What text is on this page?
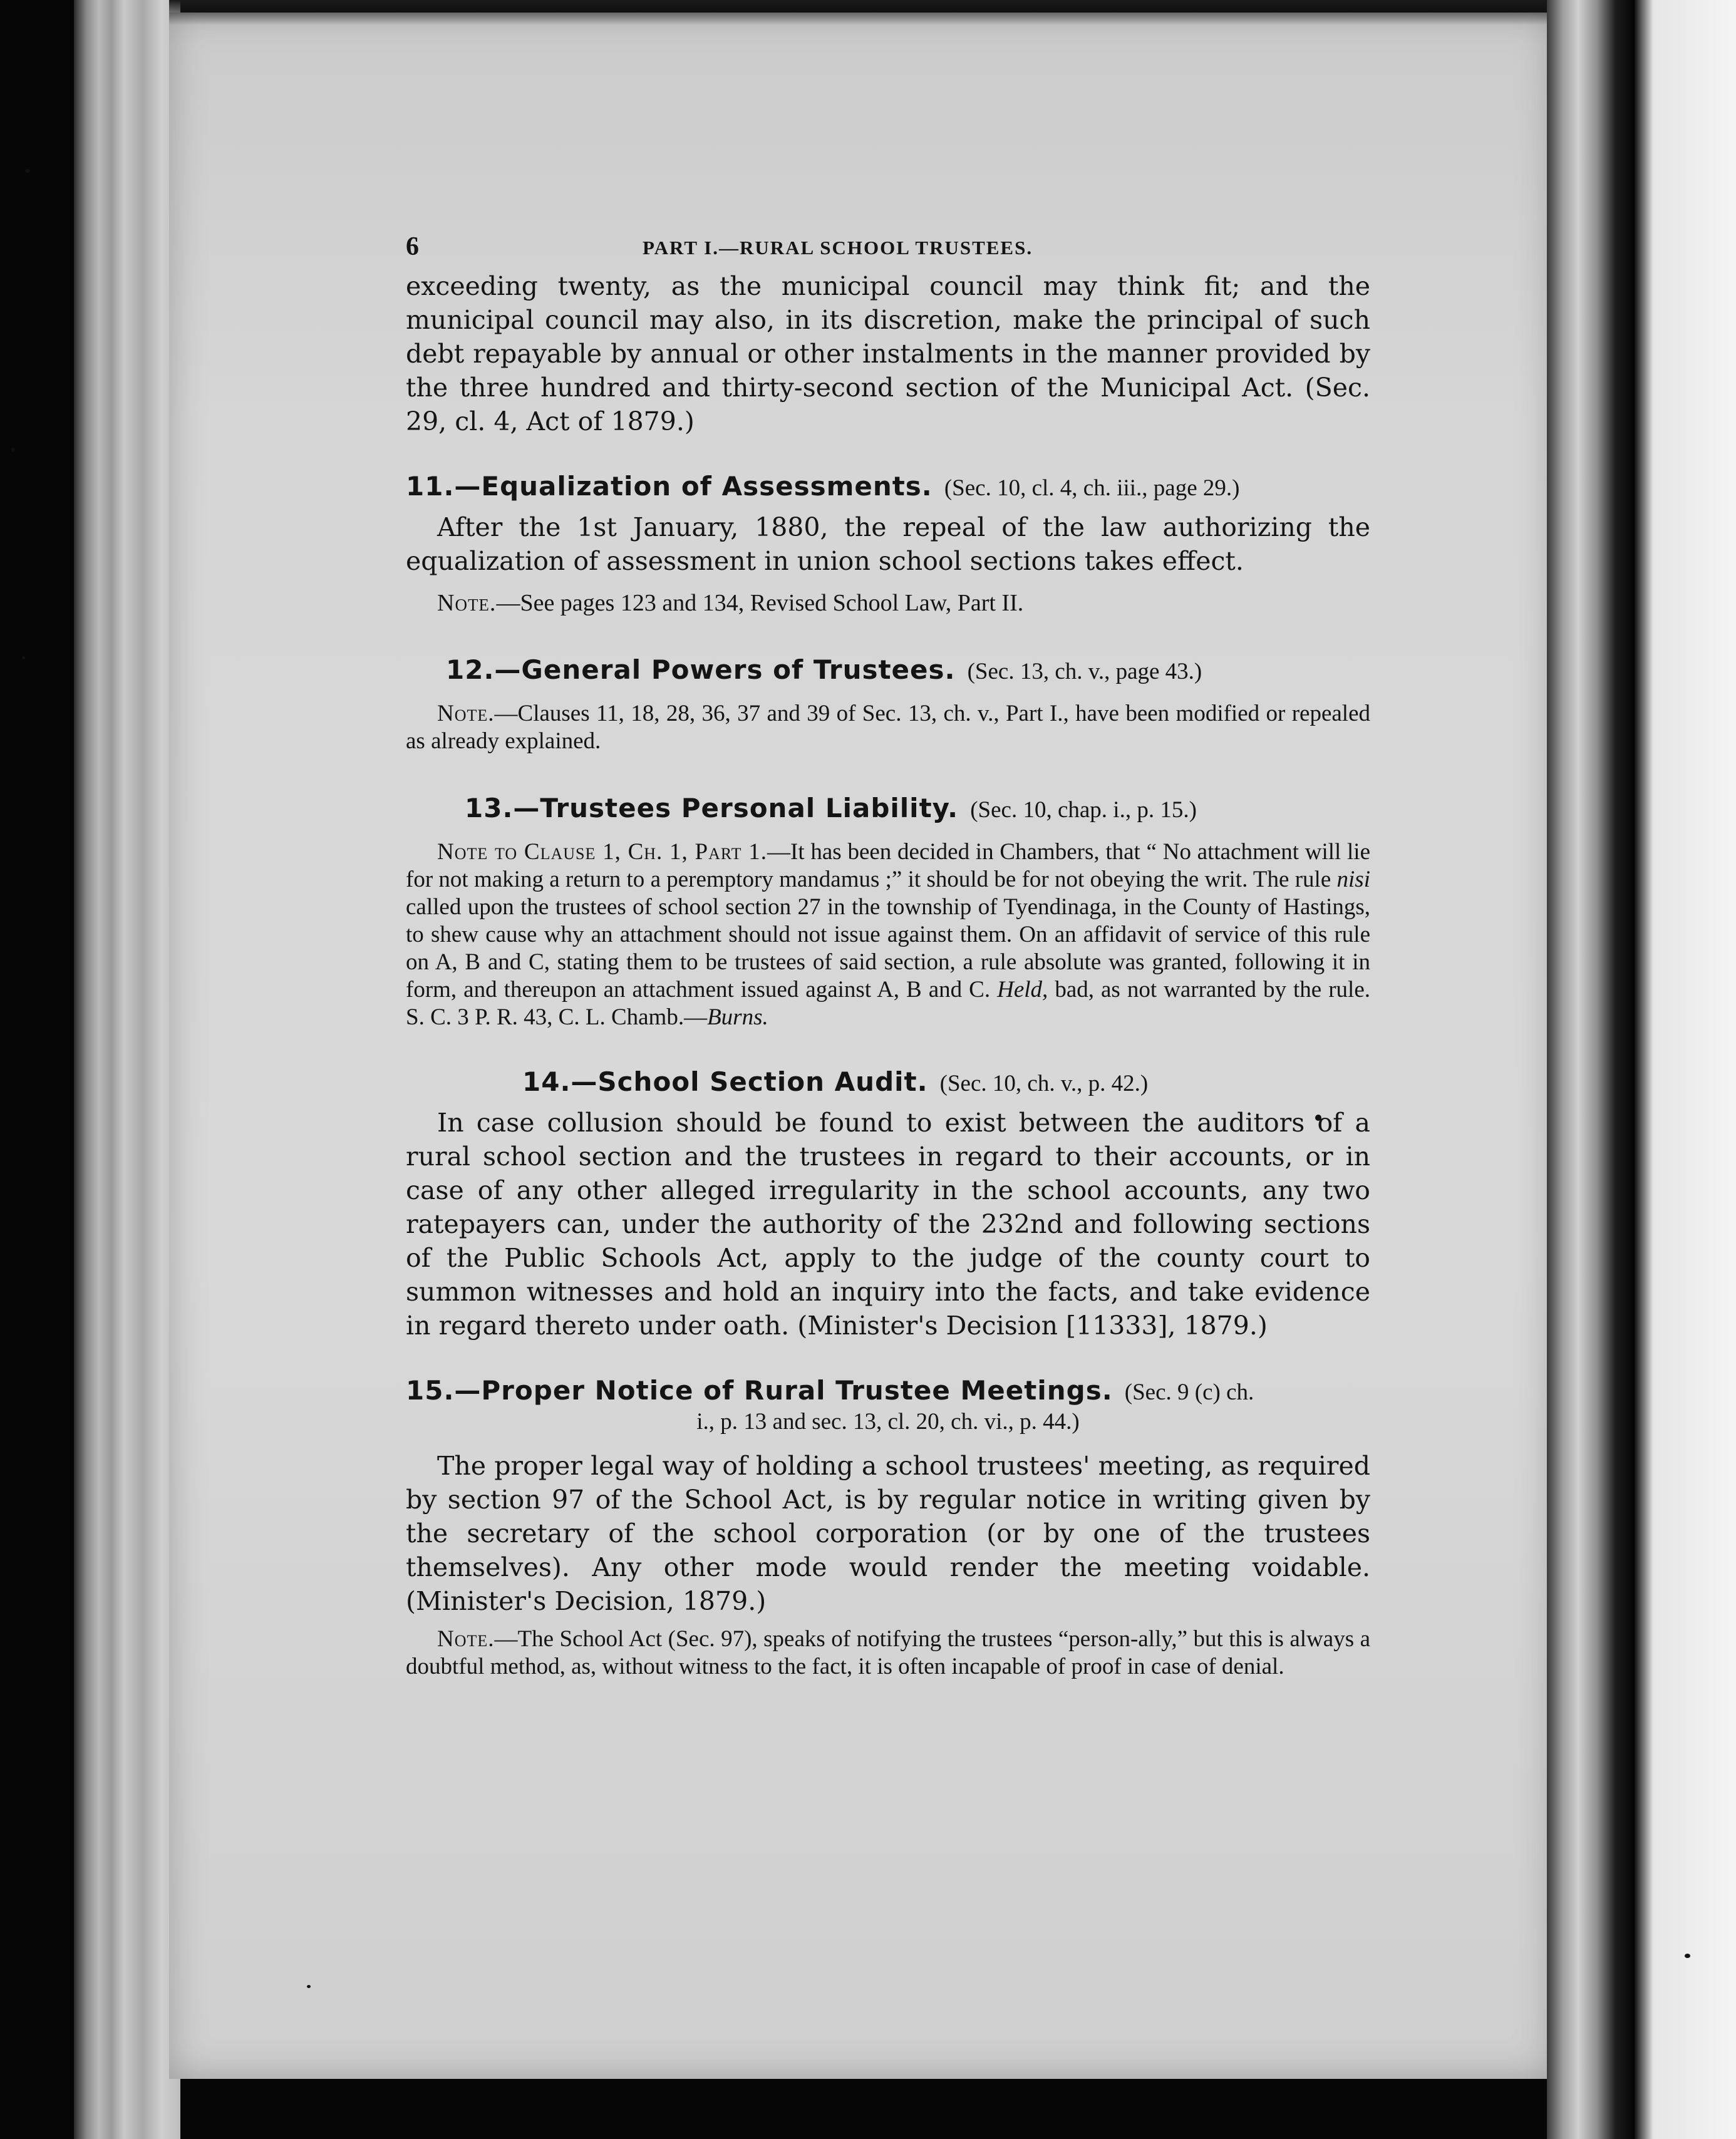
6	PART I.—RURAL SCHOOL TRUSTEES.

exceeding twenty, as the municipal council may think fit; and the municipal council may also, in its discretion, make the principal of such debt repayable by annual or other instalments in the manner provided by the three hundred and thirty-second section of the Municipal Act. (Sec. 29, cl. 4, Act of 1879.)

11.—Equalization of Assessments. (Sec. 10, cl. 4, ch. iii., page 29.)

After the 1st January, 1880, the repeal of the law authorizing the equalization of assessment in union school sections takes effect.

Note.—See pages 123 and 134, Revised School Law, Part II.

12.—General Powers of Trustees. (Sec. 13, ch. v., page 43.)

Note.—Clauses 11, 18, 28, 36, 37 and 39 of Sec. 13, ch. v., Part I., have been modified or repealed as already explained.

13.—Trustees Personal Liability. (Sec. 10, chap. i., p. 15.)

Note to Clause 1, Ch. 1, Part 1.—It has been decided in Chambers, that “ No attachment will lie for not making a return to a peremptory mandamus ;” it should be for not obeying the writ. The rule nisi called upon the trustees of school section 27 in the township of Tyendinaga, in the County of Hastings, to shew cause why an attachment should not issue against them. On an affidavit of service of this rule on A, B and C, stating them to be trustees of said section, a rule absolute was granted, following it in form, and thereupon an attachment issued against A, B and C. Held, bad, as not warranted by the rule. S. C. 3 P. R. 43, C. L. Chamb.—Burns.

14.—School Section Audit. (Sec. 10, ch. v., p. 42.)

In case collusion should be found to exist between the auditors of a rural school section and the trustees in regard to their accounts, or in case of any other alleged irregularity in the school accounts, any two ratepayers can, under the authority of the 232nd and following sections of the Public Schools Act, apply to the judge of the county court to summon witnesses and hold an inquiry into the facts, and take evidence in regard thereto under oath. (Minister's Decision [11333], 1879.)

15.—Proper Notice of Rural Trustee Meetings. (Sec. 9 (c) ch.

i., p. 13 and sec. 13, cl. 20, ch. vi., p. 44.)

The proper legal way of holding a school trustees' meeting, as required by section 97 of the School Act, is by regular notice in writing given by the secretary of the school corporation (or by one of the trustees themselves). Any other mode would render the meeting voidable. (Minister's Decision, 1879.)

Note.—The School Act (Sec. 97), speaks of notifying the trustees “person-ally,” but this is always a doubtful method, as, without witness to the fact, it is often incapable of proof in case of denial.
